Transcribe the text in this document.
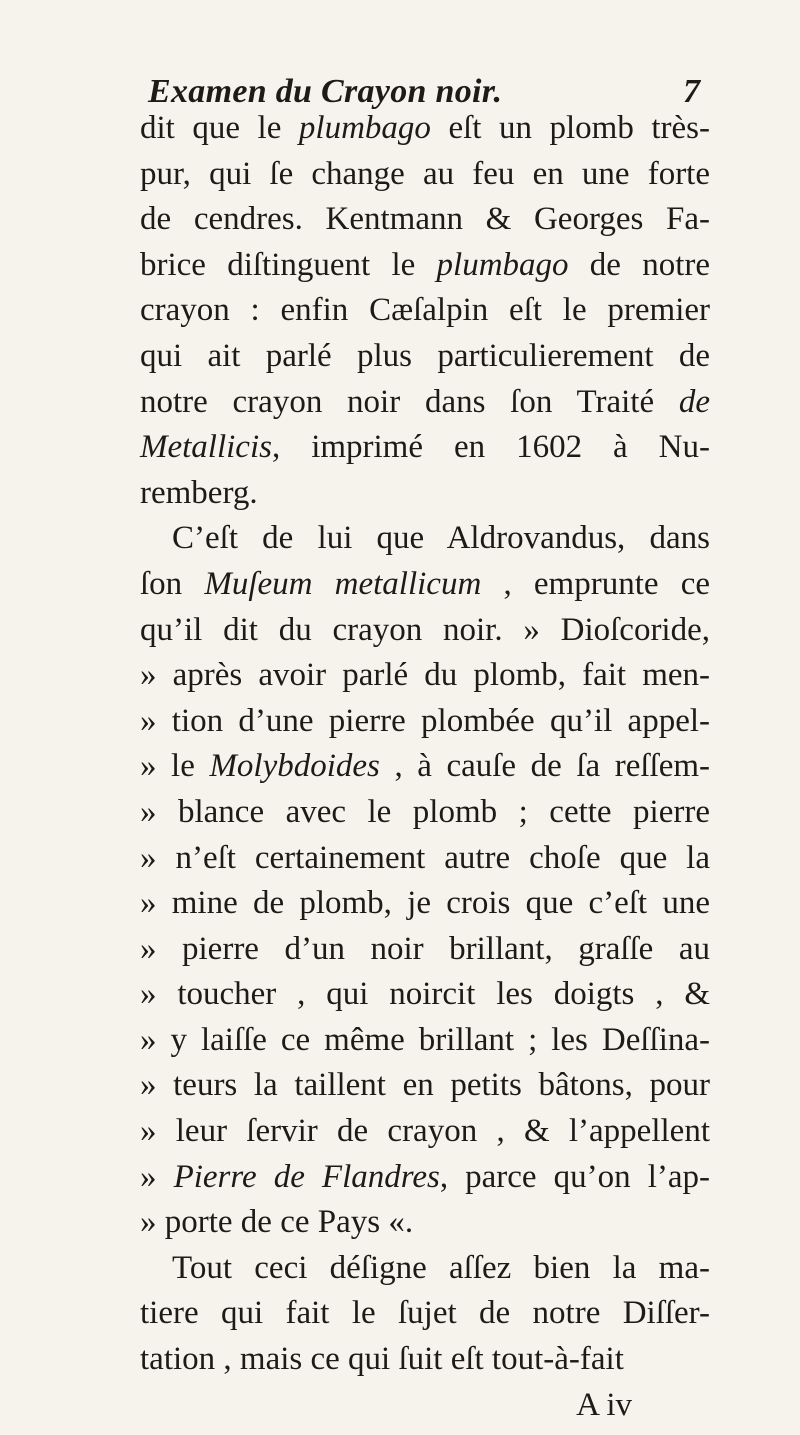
Examen du Crayon noir.	7
dit que le plumbago eſt un plomb très-
pur, qui ſe change au feu en une forte
de cendres. Kentmann & Georges Fa-
brice diſtinguent le plumbago de notre
crayon : enfin Cæſalpin eſt le premier
qui ait parlé plus particulierement de
notre crayon noir dans ſon Traité de
Metallicis, imprimé en 1602 à Nu-
remberg.
C’eſt de lui que Aldrovandus, dans
ſon Muſeum metallicum , emprunte ce
qu’il dit du crayon noir. » Dioſcoride,
» après avoir parlé du plomb, fait men-
» tion d’une pierre plombée qu’il appel-
» le Molybdoides , à cauſe de ſa reſſem-
» blance avec le plomb ; cette pierre
» n’eſt certainement autre choſe que la
» mine de plomb, je crois que c’eſt une
» pierre d’un noir brillant, graſſe au
» toucher , qui noircit les doigts , &
» y laiſſe ce même brillant ; les Deſſina-
» teurs la taillent en petits bâtons, pour
» leur ſervir de crayon , & l’appellent
» Pierre de Flandres, parce qu’on l’ap-
» porte de ce Pays «.
Tout ceci déſigne aſſez bien la ma-
tiere qui fait le ſujet de notre Diſſer-
tation , mais ce qui ſuit eſt tout-à-fait
A iv
